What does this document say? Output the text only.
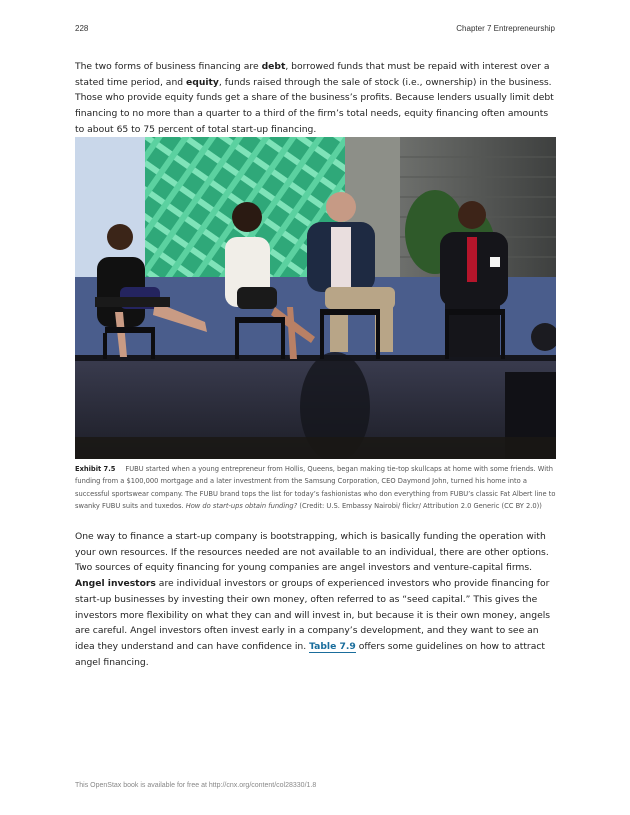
228	Chapter 7 Entrepreneurship

The two forms of business financing are debt, borrowed funds that must be repaid with interest over a stated time period, and equity, funds raised through the sale of stock (i.e., ownership) in the business. Those who provide equity funds get a share of the business’s profits. Because lenders usually limit debt financing to no more than a quarter to a third of the firm’s total needs, equity financing often amounts to about 65 to 75 percent of total start-up financing.

Exhibit 7.5 FUBU started when a young entrepreneur from Hollis, Queens, began making tie-top skullcaps at home with some friends. With funding from a $100,000 mortgage and a later investment from the Samsung Corporation, CEO Daymond John, turned his home into a successful sportswear company. The FUBU brand tops the list for today’s fashionistas who don everything from FUBU’s classic Fat Albert line to swanky FUBU suits and tuxedos. How do start-ups obtain funding? (Credit: U.S. Embassy Nairobi/ flickr/ Attribution 2.0 Generic (CC BY 2.0))

One way to finance a start-up company is bootstrapping, which is basically funding the operation with your own resources. If the resources needed are not available to an individual, there are other options. Two sources of equity financing for young companies are angel investors and venture-capital firms. Angel investors are individual investors or groups of experienced investors who provide financing for start-up businesses by investing their own money, often referred to as “seed capital.” This gives the investors more flexibility on what they can and will invest in, but because it is their own money, angels are careful. Angel investors often invest early in a company’s development, and they want to see an idea they understand and can have confidence in. Table 7.9 offers some guidelines on how to attract angel financing.

This OpenStax book is available for free at http://cnx.org/content/col28330/1.8
